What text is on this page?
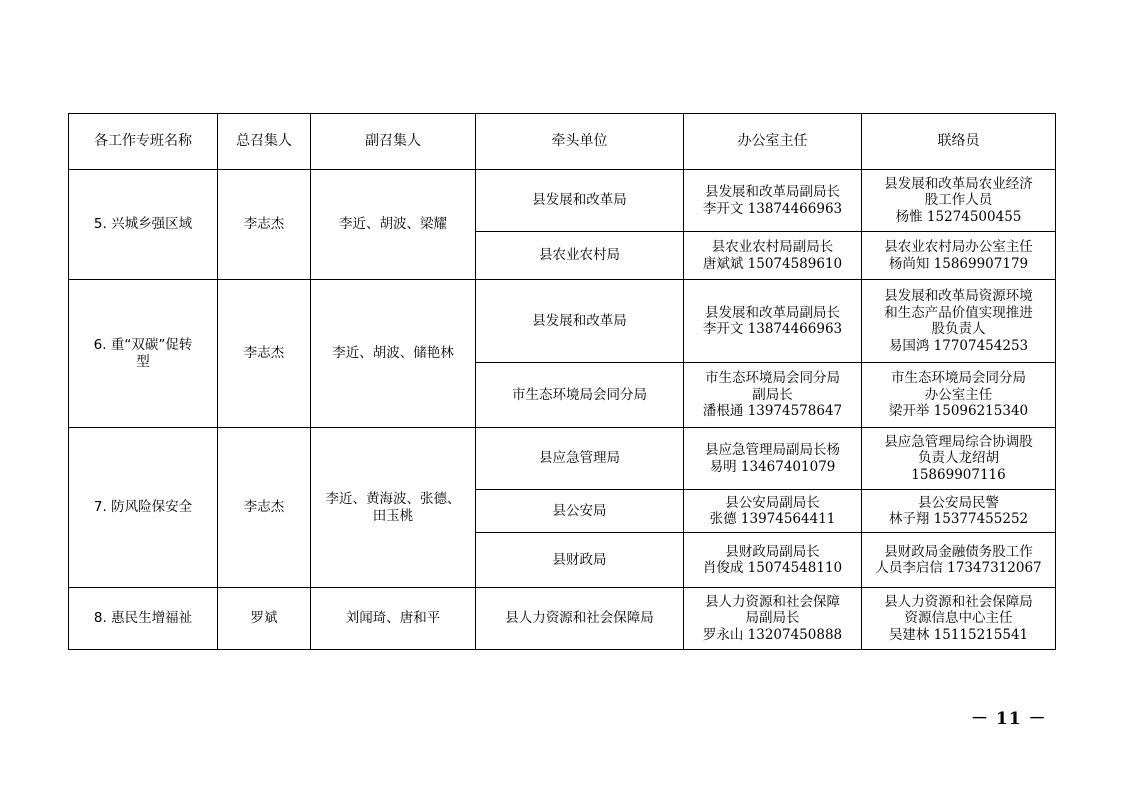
各工作专班名称	总召集人	副召集人	牵头单位	办公室主任	联络员

5. 兴城乡强区域	李志杰	李近、胡波、梁耀	县发展和改革局	县发展和改革局副局长
李开文 13874466963	县发展和改革局农业经济
股工作人员
杨惟 15274500455

			县农业农村局	县农业农村局副局长
唐斌斌 15074589610	县农业农村局办公室主任
杨尚知 15869907179

6. 重“双碳”促转
型	李志杰	李近、胡波、储艳林	县发展和改革局	县发展和改革局副局长
李开文 13874466963	县发展和改革局资源环境
和生态产品价值实现推进
股负责人
易国鸿 17707454253

			市生态环境局会同分局	市生态环境局会同分局
副局长
潘根通 13974578647	市生态环境局会同分局
办公室主任
梁开举 15096215340

7. 防风险保安全	李志杰	李近、黄海波、张德、
田玉桃	县应急管理局	县应急管理局副局长杨
易明 13467401079	县应急管理局综合协调股
负责人龙绍胡
15869907116

			县公安局	县公安局副局长
张德 13974564411	县公安局民警
林子翔 15377455252

			县财政局	县财政局副局长
肖俊成 15074548110	县财政局金融债务股工作
人员李启信 17347312067

8. 惠民生增福祉	罗斌	刘闻琦、唐和平	县人力资源和社会保障局	县人力资源和社会保障
局副局长
罗永山 13207450888	县人力资源和社会保障局
资源信息中心主任
吴建林 15115215541
－ 11 －
